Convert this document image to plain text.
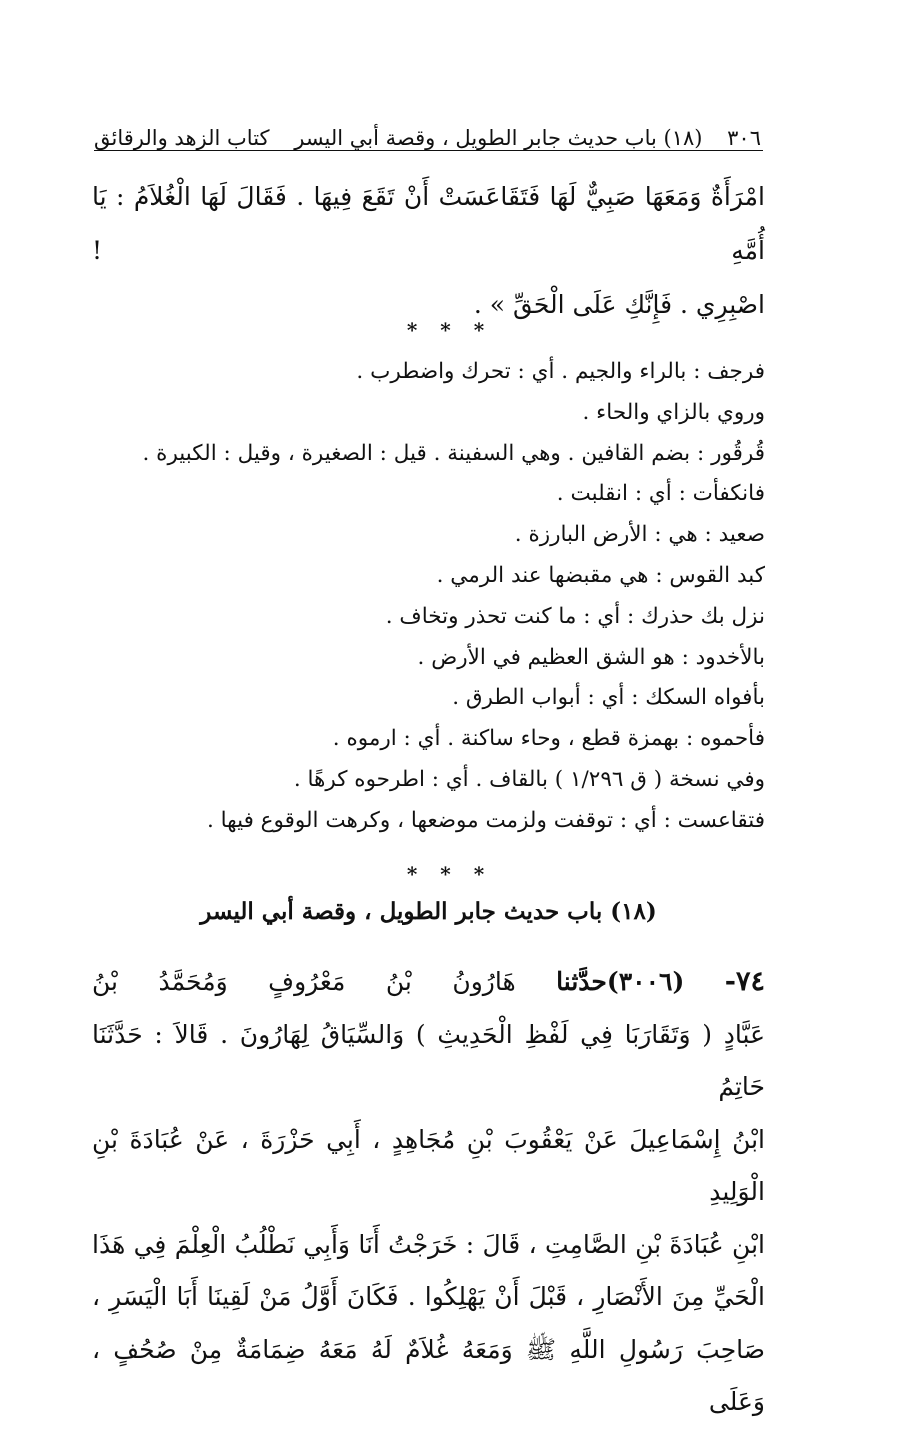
٣٠٦
(١٨) باب حديث جابر الطويل ، وقصة أبي اليسر
كتاب الزهد والرقائق

امْرَأَةٌ وَمَعَهَا صَبِيٌّ لَهَا فَتَقَاعَسَتْ أَنْ تَقَعَ فِيهَا . فَقَالَ لَهَا الْغُلاَمُ : يَا أُمَّهِ !

اصْبِرِي . فَإِنَّكِ عَلَى الْحَقِّ » .

* * *

فرجف : بالراء والجيم . أي : تحرك واضطرب .

وروي بالزاي والحاء .

قُرقُور : بضم القافين . وهي السفينة . قيل : الصغيرة ، وقيل : الكبيرة .

فانكفأت : أي : انقلبت .

صعيد : هي : الأرض البارزة .

كبد القوس : هي مقبضها عند الرمي .

نزل بك حذرك : أي : ما كنت تحذر وتخاف .

بالأخدود : هو الشق العظيم في الأرض .

بأفواه السكك : أي : أبواب الطرق .

فأحموه : بهمزة قطع ، وحاء ساكنة . أي : ارموه .

وفي نسخة ( ق ١/٢٩٦ ) بالقاف . أي : اطرحوه كرهًا .

فتقاعست : أي : توقفت ولزمت موضعها ، وكرهت الوقوع فيها .

* * *
(١٨) باب حديث جابر الطويل ، وقصة أبي اليسر

٧٤- (٣٠٠٦)حدَّثنا هَارُونُ بْنُ مَعْرُوفٍ وَمُحَمَّدُ بْنُ

عَبَّادٍ ( وَتَقَارَبَا فِي لَفْظِ الْحَدِيثِ ) وَالسِّيَاقُ لِهَارُونَ . قَالاَ : حَدَّثَنَا حَاتِمُ

ابْنُ إِسْمَاعِيلَ عَنْ يَعْقُوبَ بْنِ مُجَاهِدٍ ، أَبِي حَزْرَةَ ، عَنْ عُبَادَةَ بْنِ الْوَلِيدِ

ابْنِ عُبَادَةَ بْنِ الصَّامِتِ ، قَالَ : خَرَجْتُ أَنَا وَأَبِي نَطْلُبُ الْعِلْمَ فِي هَذَا

الْحَيِّ مِنَ الأَنْصَارِ ، قَبْلَ أَنْ يَهْلِكُوا . فَكَانَ أَوَّلُ مَنْ لَقِينَا أَبَا الْيَسَرِ ،

صَاحِبَ رَسُولِ اللَّهِ ﷺ وَمَعَهُ غُلاَمٌ لَهُ مَعَهُ ضِمَامَةٌ مِنْ صُحُفٍ ، وَعَلَى
